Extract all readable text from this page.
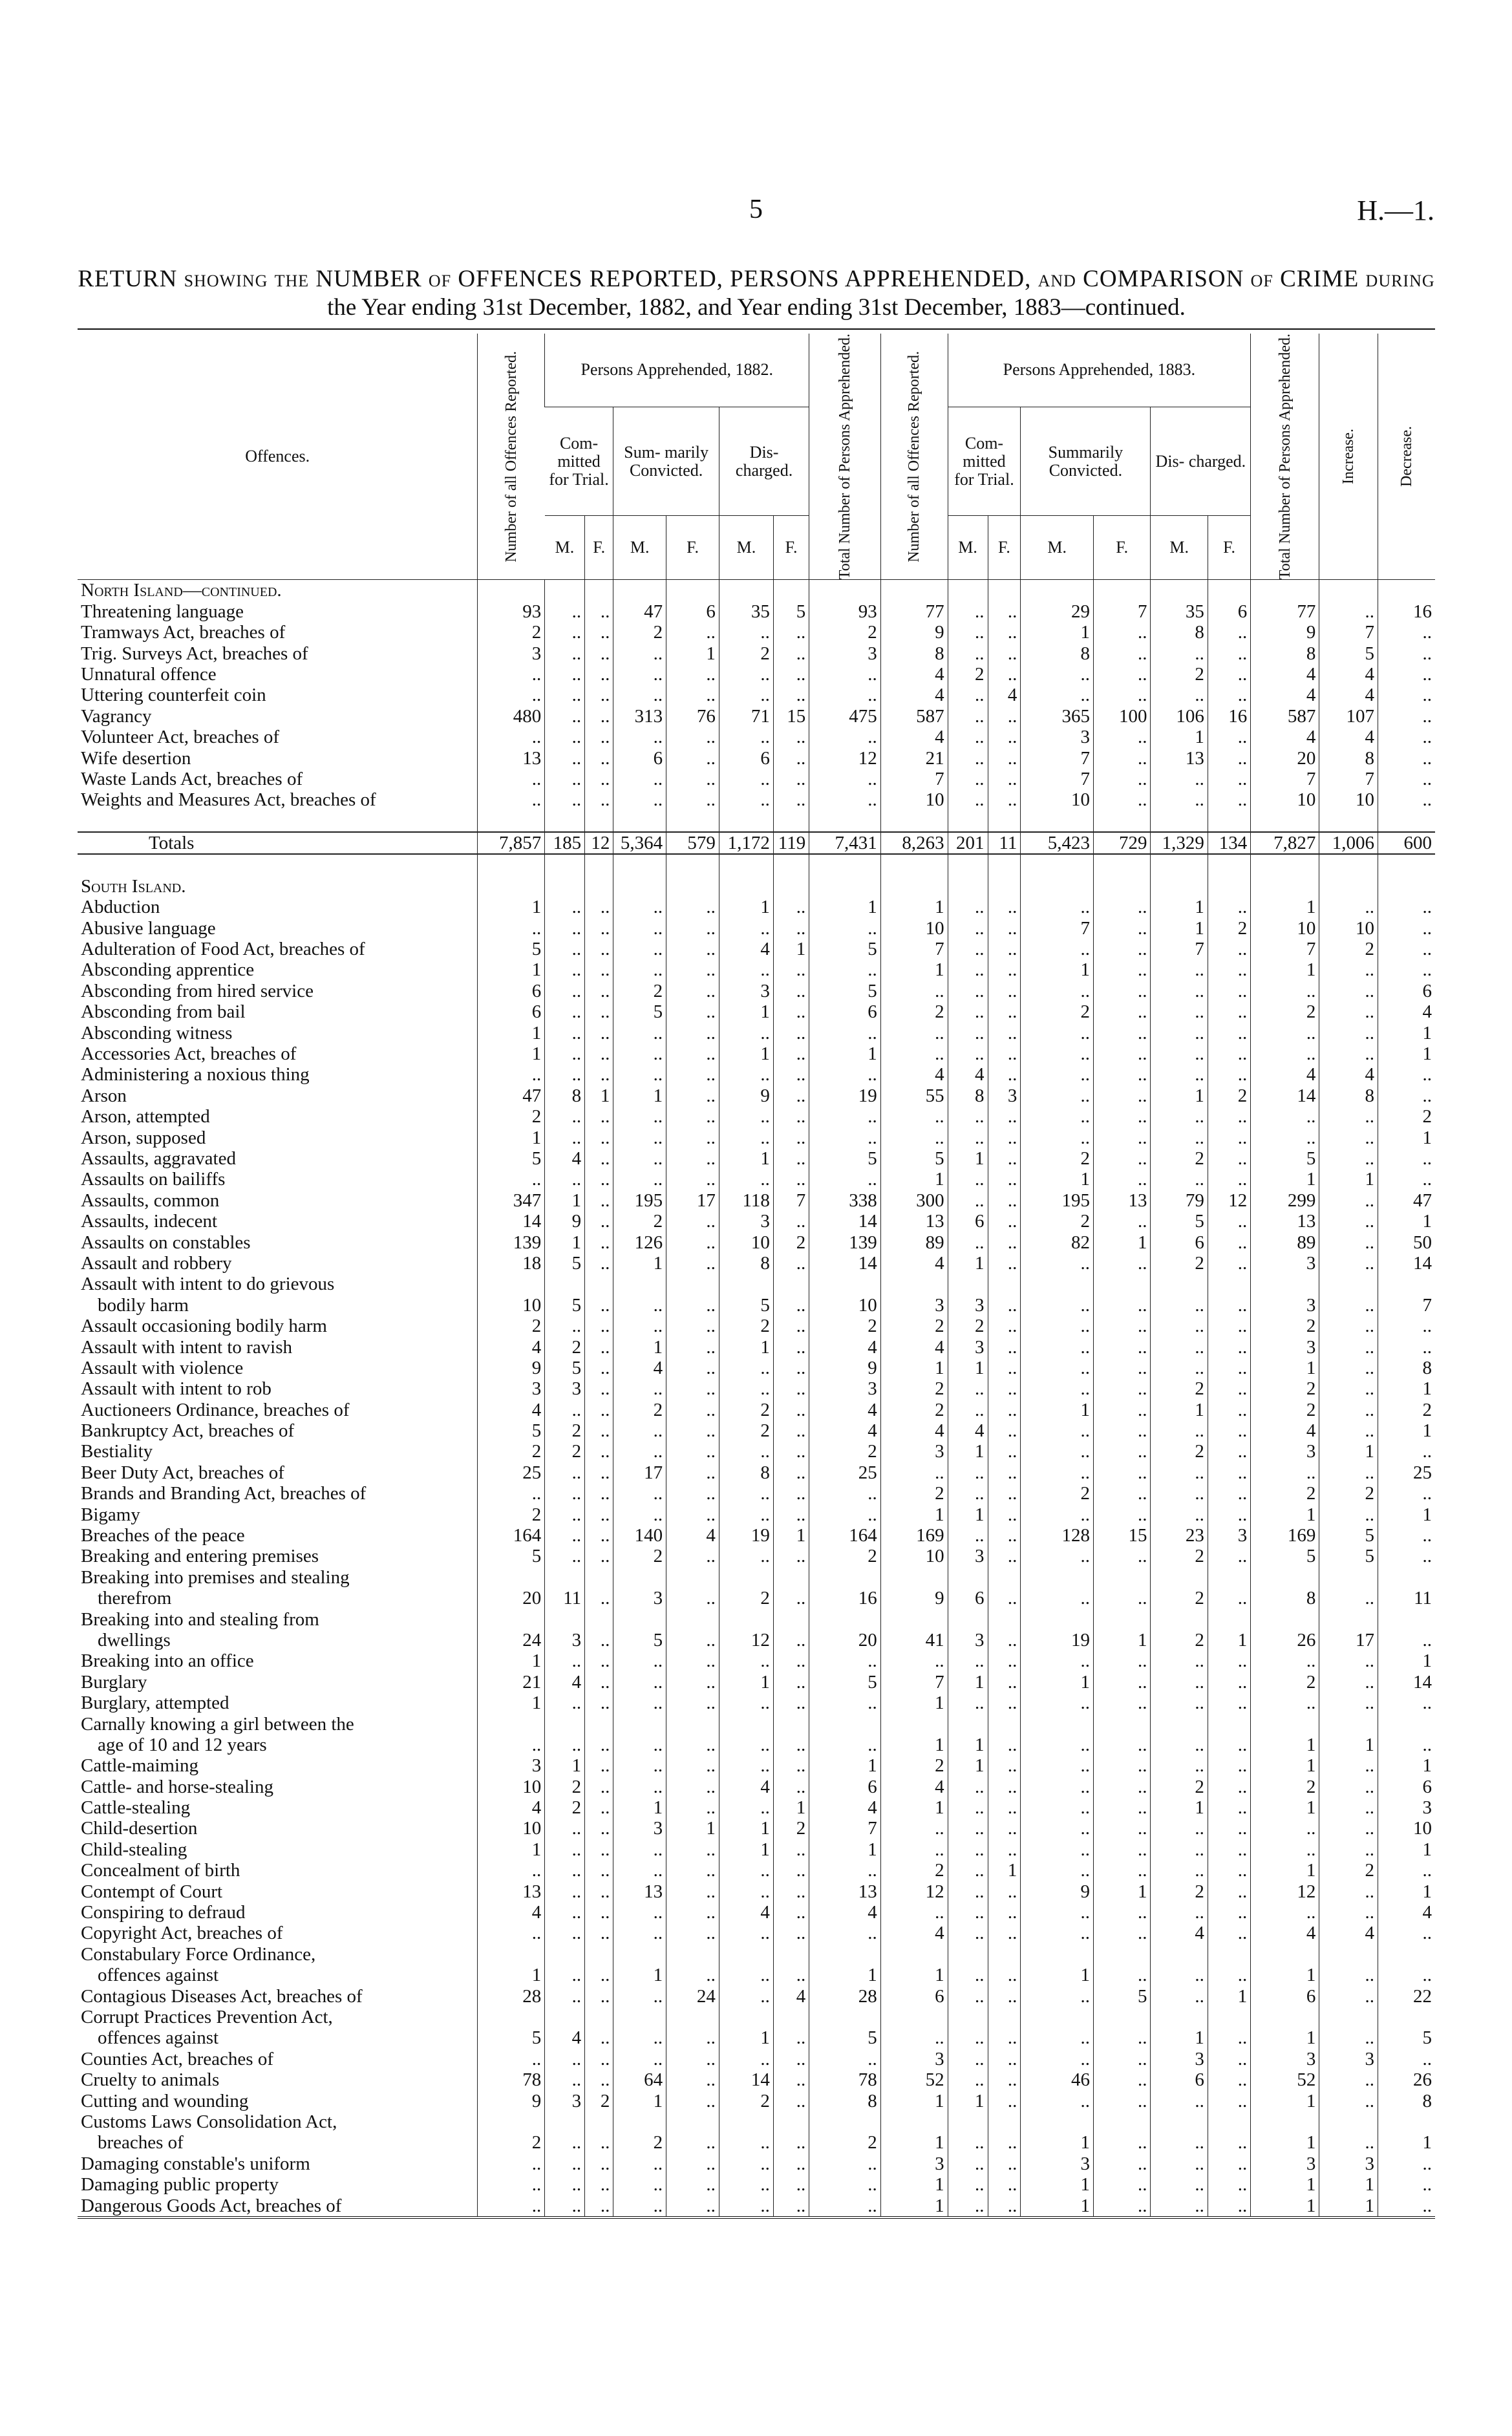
5	H.—1.
RETURN showing the NUMBER of OFFENCES REPORTED, PERSONS APPREHENDED, and COMPARISON of CRIME during
the Year ending 31st December, 1882, and Year ending 31st December, 1883—continued.
Offences.	Number of all Offences Reported.	Persons Apprehended, 1882.						Total Number of Persons Apprehended.	Number of all Offences Reported.	Persons Apprehended, 1883.						Total Number of Persons Apprehended.	Increase.	Decrease.

		Com- mitted for Trial.		Sum- marily Convicted.		Dis- charged.				Com- mitted for Trial.		Summarily Convicted.		Dis- charged.				
		M.	F.	M.	F.	M.	F.			M.	F.	M.	F.	M.	F.			
North Island—continued.																		
Threatening language	93	..	..	47	6	35	5	93	77	..	..	29	7	35	6	77	..	16
Tramways Act, breaches of	2	..	..	2	..	..	..	2	9	..	..	1	..	8	..	9	7	..
Trig. Surveys Act, breaches of	3	..	..	..	1	2	..	3	8	..	..	8	..	..	..	8	5	..
Unnatural offence	..	..	..	..	..	..	..	..	4	2	..	..	..	2	..	4	4	..
Uttering counterfeit coin	..	..	..	..	..	..	..	..	4	..	4	..	..	..	..	4	4	..
Vagrancy	480	..	..	313	76	71	15	475	587	..	..	365	100	106	16	587	107	..
Volunteer Act, breaches of	..	..	..	..	..	..	..	..	4	..	..	3	..	1	..	4	4	..
Wife desertion	13	..	..	6	..	6	..	12	21	..	..	7	..	13	..	20	8	..
Waste Lands Act, breaches of	..	..	..	..	..	..	..	..	7	..	..	7	..	..	..	7	7	..
Weights and Measures Act, breaches of	..	..	..	..	..	..	..	..	10	..	..	10	..	..	..	10	10	..

Totals	7,857	185	12	5,364	579	1,172	119	7,431	8,263	201	11	5,423	729	1,329	134	7,827	1,006	600

South Island.																		
Abduction	1	..	..	..	..	1	..	1	1	..	..	..	..	1	..	1	..	..
Abusive language	..	..	..	..	..	..	..	..	10	..	..	7	..	1	2	10	10	..
Adulteration of Food Act, breaches of	5	..	..	..	..	4	1	5	7	..	..	..	..	7	..	7	2	..
Absconding apprentice	1	..	..	..	..	..	..	..	1	..	..	1	..	..	..	1	..	..
Absconding from hired service	6	..	..	2	..	3	..	5	..	..	..	..	..	..	..	..	..	6
Absconding from bail	6	..	..	5	..	1	..	6	2	..	..	2	..	..	..	2	..	4
Absconding witness	1	..	..	..	..	..	..	..	..	..	..	..	..	..	..	..	..	1
Accessories Act, breaches of	1	..	..	..	..	1	..	1	..	..	..	..	..	..	..	..	..	1
Administering a noxious thing	..	..	..	..	..	..	..	..	4	4	..	..	..	..	..	4	4	..
Arson	47	8	1	1	..	9	..	19	55	8	3	..	..	1	2	14	8	..
Arson, attempted	2	..	..	..	..	..	..	..	..	..	..	..	..	..	..	..	..	2
Arson, supposed	1	..	..	..	..	..	..	..	..	..	..	..	..	..	..	..	..	1
Assaults, aggravated	5	4	..	..	..	1	..	5	5	1	..	2	..	2	..	5	..	..
Assaults on bailiffs	..	..	..	..	..	..	..	..	1	..	..	1	..	..	..	1	1	..
Assaults, common	347	1	..	195	17	118	7	338	300	..	..	195	13	79	12	299	..	47
Assaults, indecent	14	9	..	2	..	3	..	14	13	6	..	2	..	5	..	13	..	1
Assaults on constables	139	1	..	126	..	10	2	139	89	..	..	82	1	6	..	89	..	50
Assault and robbery	18	5	..	1	..	8	..	14	4	1	..	..	..	2	..	3	..	14
Assault with intent to do grievous																		
bodily harm	10	5	..	..	..	5	..	10	3	3	..	..	..	..	..	3	..	7
Assault occasioning bodily harm	2	..	..	..	..	2	..	2	2	2	..	..	..	..	..	2	..	..
Assault with intent to ravish	4	2	..	1	..	1	..	4	4	3	..	..	..	..	..	3	..	..
Assault with violence	9	5	..	4	..	..	..	9	1	1	..	..	..	..	..	1	..	8
Assault with intent to rob	3	3	..	..	..	..	..	3	2	..	..	..	..	2	..	2	..	1
Auctioneers Ordinance, breaches of	4	..	..	2	..	2	..	4	2	..	..	1	..	1	..	2	..	2
Bankruptcy Act, breaches of	5	2	..	..	..	2	..	4	4	4	..	..	..	..	..	4	..	1
Bestiality	2	2	..	..	..	..	..	2	3	1	..	..	..	2	..	3	1	..
Beer Duty Act, breaches of	25	..	..	17	..	8	..	25	..	..	..	..	..	..	..	..	..	25
Brands and Branding Act, breaches of	..	..	..	..	..	..	..	..	2	..	..	2	..	..	..	2	2	..
Bigamy	2	..	..	..	..	..	..	..	1	1	..	..	..	..	..	1	..	1
Breaches of the peace	164	..	..	140	4	19	1	164	169	..	..	128	15	23	3	169	5	..
Breaking and entering premises	5	..	..	2	..	..	..	2	10	3	..	..	..	2	..	5	5	..
Breaking into premises and stealing																		
therefrom	20	11	..	3	..	2	..	16	9	6	..	..	..	2	..	8	..	11
Breaking into and stealing from																		
dwellings	24	3	..	5	..	12	..	20	41	3	..	19	1	2	1	26	17	..
Breaking into an office	1	..	..	..	..	..	..	..	..	..	..	..	..	..	..	..	..	1
Burglary	21	4	..	..	..	1	..	5	7	1	..	1	..	..	..	2	..	14
Burglary, attempted	1	..	..	..	..	..	..	..	1	..	..	..	..	..	..	..	..	..
Carnally knowing a girl between the																		
age of 10 and 12 years	..	..	..	..	..	..	..	..	1	1	..	..	..	..	..	1	1	..
Cattle-maiming	3	1	..	..	..	..	..	1	2	1	..	..	..	..	..	1	..	1
Cattle- and horse-stealing	10	2	..	..	..	4	..	6	4	..	..	..	..	2	..	2	..	6
Cattle-stealing	4	2	..	1	..	..	1	4	1	..	..	..	..	1	..	1	..	3
Child-desertion	10	..	..	3	1	1	2	7	..	..	..	..	..	..	..	..	..	10
Child-stealing	1	..	..	..	..	1	..	1	..	..	..	..	..	..	..	..	..	1
Concealment of birth	..	..	..	..	..	..	..	..	2	..	1	..	..	..	..	1	2	..
Contempt of Court	13	..	..	13	..	..	..	13	12	..	..	9	1	2	..	12	..	1
Conspiring to defraud	4	..	..	..	..	4	..	4	..	..	..	..	..	..	..	..	..	4
Copyright Act, breaches of	..	..	..	..	..	..	..	..	4	..	..	..	..	4	..	4	4	..
Constabulary Force Ordinance,																		
offences against	1	..	..	1	..	..	..	1	1	..	..	1	..	..	..	1	..	..
Contagious Diseases Act, breaches of	28	..	..	..	24	..	4	28	6	..	..	..	5	..	1	6	..	22
Corrupt Practices Prevention Act,																		
offences against	5	4	..	..	..	1	..	5	..	..	..	..	..	1	..	1	..	5
Counties Act, breaches of	..	..	..	..	..	..	..	..	3	..	..	..	..	3	..	3	3	..
Cruelty to animals	78	..	..	64	..	14	..	78	52	..	..	46	..	6	..	52	..	26
Cutting and wounding	9	3	2	1	..	2	..	8	1	1	..	..	..	..	..	1	..	8
Customs Laws Consolidation Act,																		
breaches of	2	..	..	2	..	..	..	2	1	..	..	1	..	..	..	1	..	1
Damaging constable's uniform	..	..	..	..	..	..	..	..	3	..	..	3	..	..	..	3	3	..
Damaging public property	..	..	..	..	..	..	..	..	1	..	..	1	..	..	..	1	1	..
Dangerous Goods Act, breaches of	..	..	..	..	..	..	..	..	1	..	..	1	..	..	..	1	1	..
